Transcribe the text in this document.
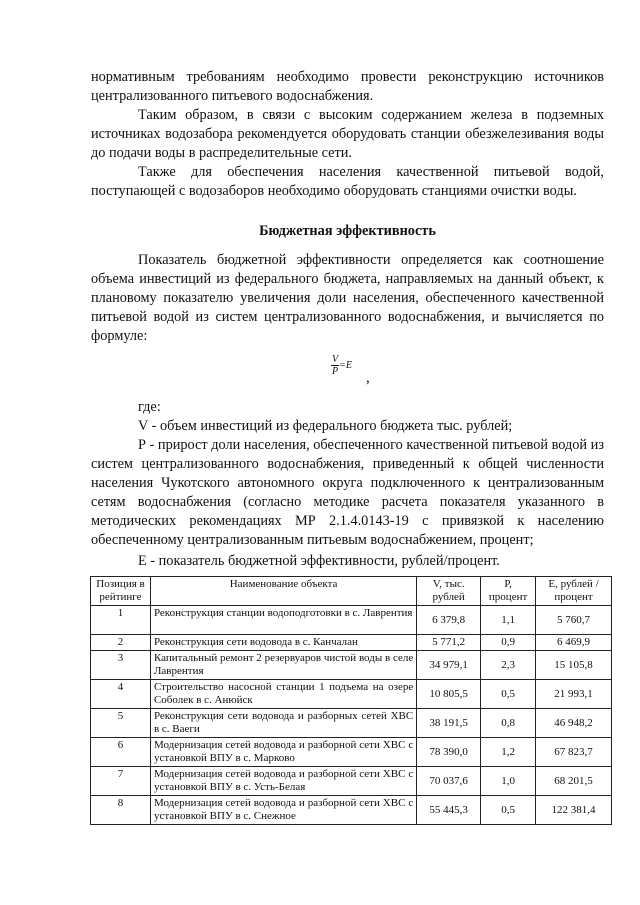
нормативным требованиям необходимо провести реконструкцию источников централизованного питьевого водоснабжения.

Таким образом, в связи с высоким содержанием железа в подземных источниках водозабора рекомендуется оборудовать станции обезжелезивания воды до подачи воды в распределительные сети.

Также для обеспечения населения качественной питьевой водой, поступающей с водозаборов необходимо оборудовать станциями очистки воды.

Бюджетная эффективность

Показатель бюджетной эффективности определяется как соотношение объема инвестиций из федерального бюджета, направляемых на данный объект, к плановому показателю увеличения доли населения, обеспеченного качественной питьевой водой из систем централизованного водоснабжения, и вычисляется по формуле:

$\frac{V}{P} =E$
,

где:

V - объем инвестиций из федерального бюджета тыс. рублей;

Р - прирост доли населения, обеспеченного качественной питьевой водой из систем централизованного водоснабжения, приведенный к общей численности населения Чукотского автономного округа подключенного к централизованным сетям водоснабжения (согласно методике расчета показателя указанного в методических рекомендациях МР 2.1.4.0143-19 с привязкой к населению обеспеченному централизованным питьевым водоснабжением, процент;

Е - показатель бюджетной эффективности, рублей/процент.

Позиция в рейтинге	Наименование объекта	V, тыс. рублей	Р, процент	Е, рублей / процент
1	Реконструкция станции водоподготовки в с. Лаврентия	6 379,8	1,1	5 760,7
2	Реконструкция сети водовода в с. Канчалан	5 771,2	0,9	6 469,9
3	Капитальный ремонт 2 резервуаров чистой воды в селе Лаврентия	34 979,1	2,3	15 105,8
4	Строительство насосной станции 1 подъема на озере Соболек в с. Анюйск	10 805,5	0,5	21 993,1
5	Реконструкция сети водовода и разборных сетей ХВС в с. Ваеги	38 191,5	0,8	46 948,2
6	Модернизация сетей водовода и разборной сети ХВС с установкой ВПУ в с. Марково	78 390,0	1,2	67 823,7
7	Модернизация сетей водовода и разборной сети ХВС с установкой ВПУ в с. Усть-Белая	70 037,6	1,0	68 201,5
8	Модернизация сетей водовода и разборной сети ХВС с установкой ВПУ в с. Снежное	55 445,3	0,5	122 381,4
